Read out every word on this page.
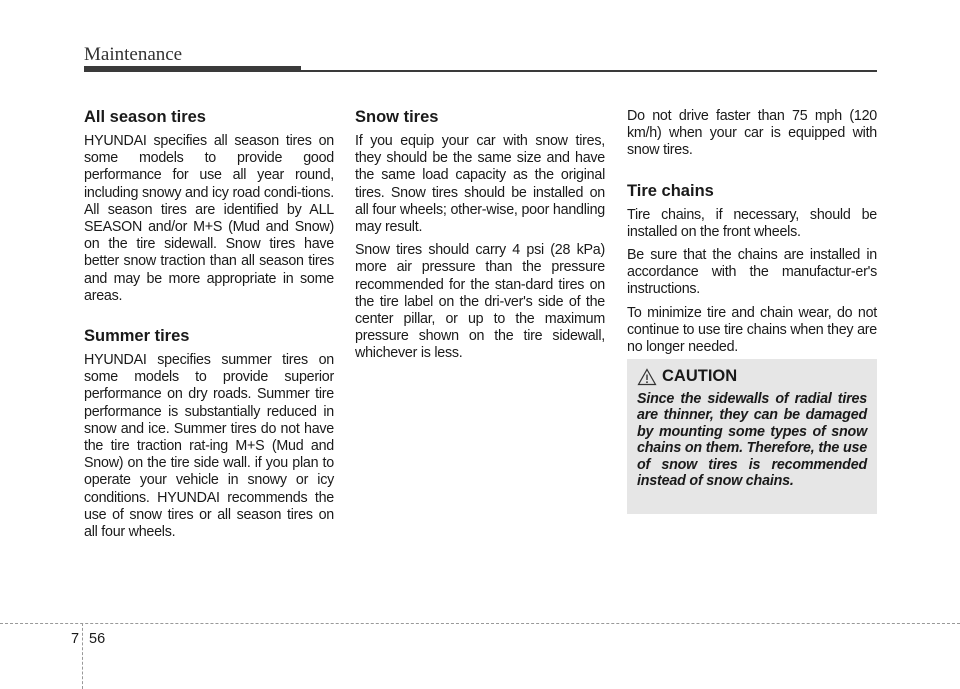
Maintenance
All season tires

HYUNDAI specifies all season tires on some models to provide good performance for use all year round, including snowy and icy road condi-tions. All season tires are identified by ALL SEASON and/or M+S (Mud and Snow) on the tire sidewall. Snow tires have better snow traction than all season tires and may be more appropriate in some areas.

Summer tires

HYUNDAI specifies summer tires on some models to provide superior performance on dry roads. Summer tire performance is substantially reduced in snow and ice. Summer tires do not have the tire traction rat-ing M+S (Mud and Snow) on the tire side wall. if you plan to operate your vehicle in snowy or icy conditions. HYUNDAI recommends the use of snow tires or all season tires on all four wheels.

Snow tires

If you equip your car with snow tires, they should be the same size and have the same load capacity as the original tires. Snow tires should be installed on all four wheels; other-wise, poor handling may result.

Snow tires should carry 4 psi (28 kPa) more air pressure than the pressure recommended for the stan-dard tires on the tire label on the dri-ver's side of the center pillar, or up to the maximum pressure shown on the tire sidewall, whichever is less.

Do not drive faster than 75 mph (120 km/h) when your car is equipped with snow tires.

Tire chains

Tire chains, if necessary, should be installed on the front wheels.

Be sure that the chains are installed in accordance with the manufactur-er's instructions.

To minimize tire and chain wear, do not continue to use tire chains when they are no longer needed.

CAUTION

Since the sidewalls of radial tires are thinner, they can be damaged by mounting some types of snow chains on them. Therefore, the use of snow tires is recommended instead of snow chains.

7 56
